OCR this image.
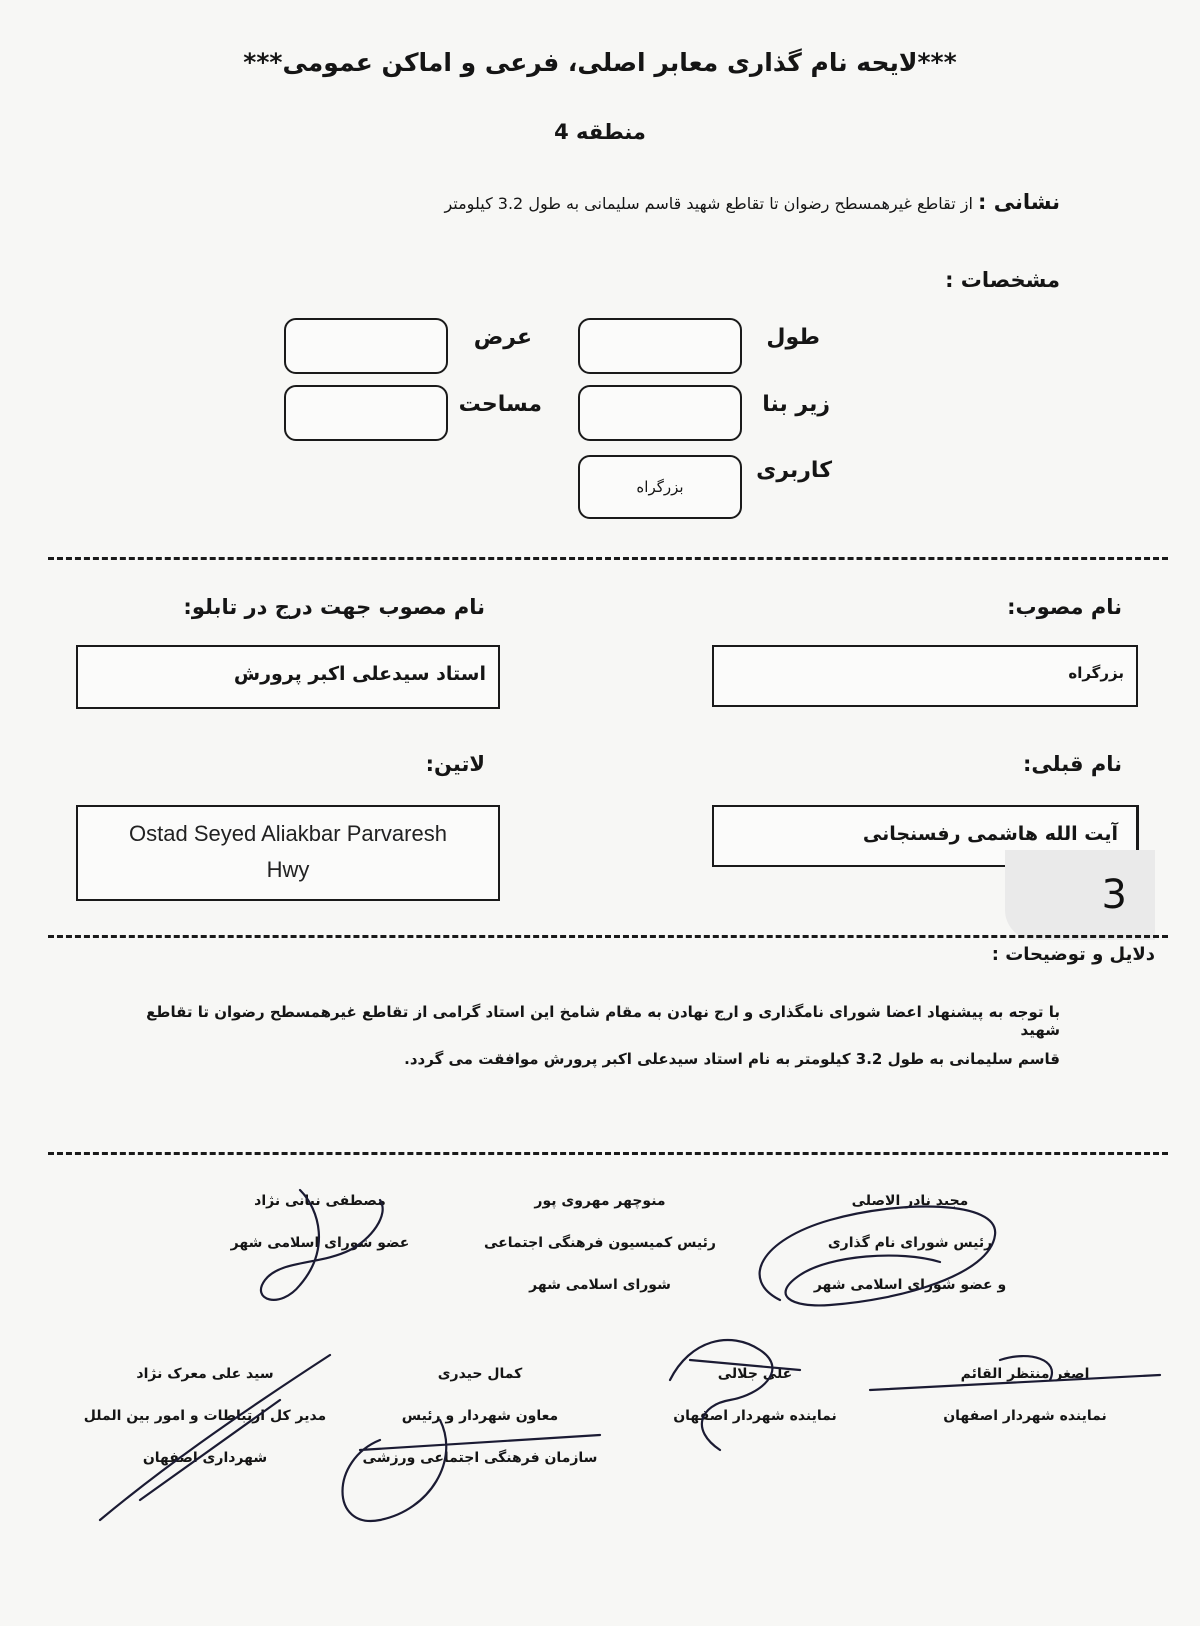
***لایحه نام گذاری معابر اصلی، فرعی و اماکن عمومی***
منطقه 4
نشانی : از تقاطع غیرهمسطح رضوان تا تقاطع شهید قاسم سلیمانی به طول 3.2 کیلومتر
مشخصات :
طول
عرض
زیر بنا
مساحت
کاربری
بزرگراه
نام مصوب:
نام مصوب جهت درج در تابلو:
بزرگراه
استاد سیدعلی اکبر پرورش
نام قبلی:
لاتین:
آیت الله هاشمی رفسنجانی
Ostad Seyed Aliakbar Parvaresh
Hwy
3
دلایل و توضیحات :
با توجه به پیشنهاد اعضا شورای نامگذاری و ارج نهادن به مقام شامخ این استاد گرامی از تقاطع غیرهمسطح رضوان تا تقاطع شهید
قاسم سلیمانی به طول 3.2 کیلومتر به نام استاد سیدعلی اکبر پرورش موافقت می گردد.
مجید نادر الاصلی
رئیس شورای نام گذاری
و عضو شورای اسلامی شهر
منوچهر مهروی پور
رئیس کمیسیون فرهنگی اجتماعی
شورای اسلامی شهر
مصطفی نبانی نژاد
عضو شورای اسلامی شهر
اصغر منتظر القائم
نماینده شهردار اصفهان
علی جلالی
نماینده شهردار اصفهان
کمال حیدری
معاون شهردار و رئیس
سازمان فرهنگی اجتماعی ورزشی
سید علی معرک نژاد
مدیر کل ارتباطات و امور بین الملل
شهرداری اصفهان
